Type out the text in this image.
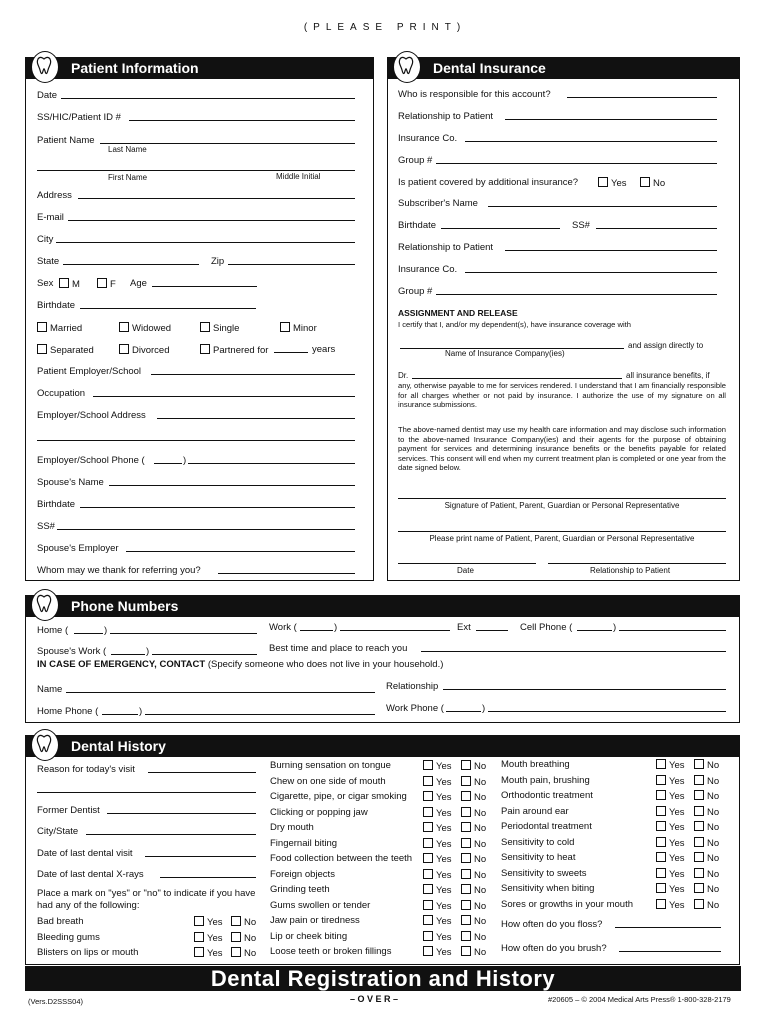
(PLEASE PRINT)
Patient Information
Date
SS/HIC/Patient ID #
Patient Name
Last Name
First Name	Middle Initial
Address
E-mail
City
State	Zip
Sex	M	F Age
Birthdate
Married	Widowed	Single	Minor
Separated	Divorced	Partnered for	years
Patient Employer/School
Occupation
Employer/School Address
Employer/School Phone (	)
Spouse's Name
Birthdate
SS#
Spouse's Employer
Whom may we thank for referring you?
Dental Insurance
Who is responsible for this account?
Relationship to Patient
Insurance Co.
Group #
Is patient covered by additional insurance?	Yes	No
Subscriber's Name
Birthdate	SS#
Relationship to Patient
Insurance Co.
Group #
ASSIGNMENT AND RELEASE
I certify that I, and/or my dependent(s), have insurance coverage with
and assign directly to
Name of Insurance Company(ies)
Dr.	all insurance benefits, if
any, otherwise payable to me for services rendered. I understand that I am financially responsible for all charges whether or not paid by insurance. I authorize the use of my signature on all insurance submissions.
The above-named dentist may use my health care information and may disclose such information to the above-named Insurance Company(ies) and their agents for the purpose of obtaining payment for services and determining insurance benefits or the benefits payable for related services. This consent will end when my current treatment plan is completed or one year from the date signed below.
Signature of Patient, Parent, Guardian or Personal Representative
Please print name of Patient, Parent, Guardian or Personal Representative
Date	Relationship to Patient
Phone Numbers
Home (	)	Work (	)	Ext	Cell Phone (	)
Spouse's Work (	)	Best time and place to reach you
IN CASE OF EMERGENCY, CONTACT (Specify someone who does not live in your household.)
Name	Relationship
Home Phone (	)	Work Phone (	)
Dental History
Reason for today's visit
Former Dentist
City/State
Date of last dental visit
Date of last dental X-rays
Place a mark on "yes" or "no" to indicate if you have had any of the following:
Bad breath	Yes	No
Bleeding gums	Yes	No
Blisters on lips or mouth	Yes	No
Burning sensation on tongue	Yes	No
Chew on one side of mouth	Yes	No
Cigarette, pipe, or cigar smoking	Yes	No
Clicking or popping jaw	Yes	No
Dry mouth	Yes	No
Fingernail biting	Yes	No
Food collection between the teeth	Yes	No
Foreign objects	Yes	No
Grinding teeth	Yes	No
Gums swollen or tender	Yes	No
Jaw pain or tiredness	Yes	No
Lip or cheek biting	Yes	No
Loose teeth or broken fillings	Yes	No
Mouth breathing	Yes	No
Mouth pain, brushing	Yes	No
Orthodontic treatment	Yes	No
Pain around ear	Yes	No
Periodontal treatment	Yes	No
Sensitivity to cold	Yes	No
Sensitivity to heat	Yes	No
Sensitivity to sweets	Yes	No
Sensitivity when biting	Yes	No
Sores or growths in your mouth	Yes	No
How often do you floss?
How often do you brush?
Dental Registration and History
(Vers.D2SSS04)	– O V E R –	#20605 – © 2004 Medical Arts Press® 1-800-328-2179
